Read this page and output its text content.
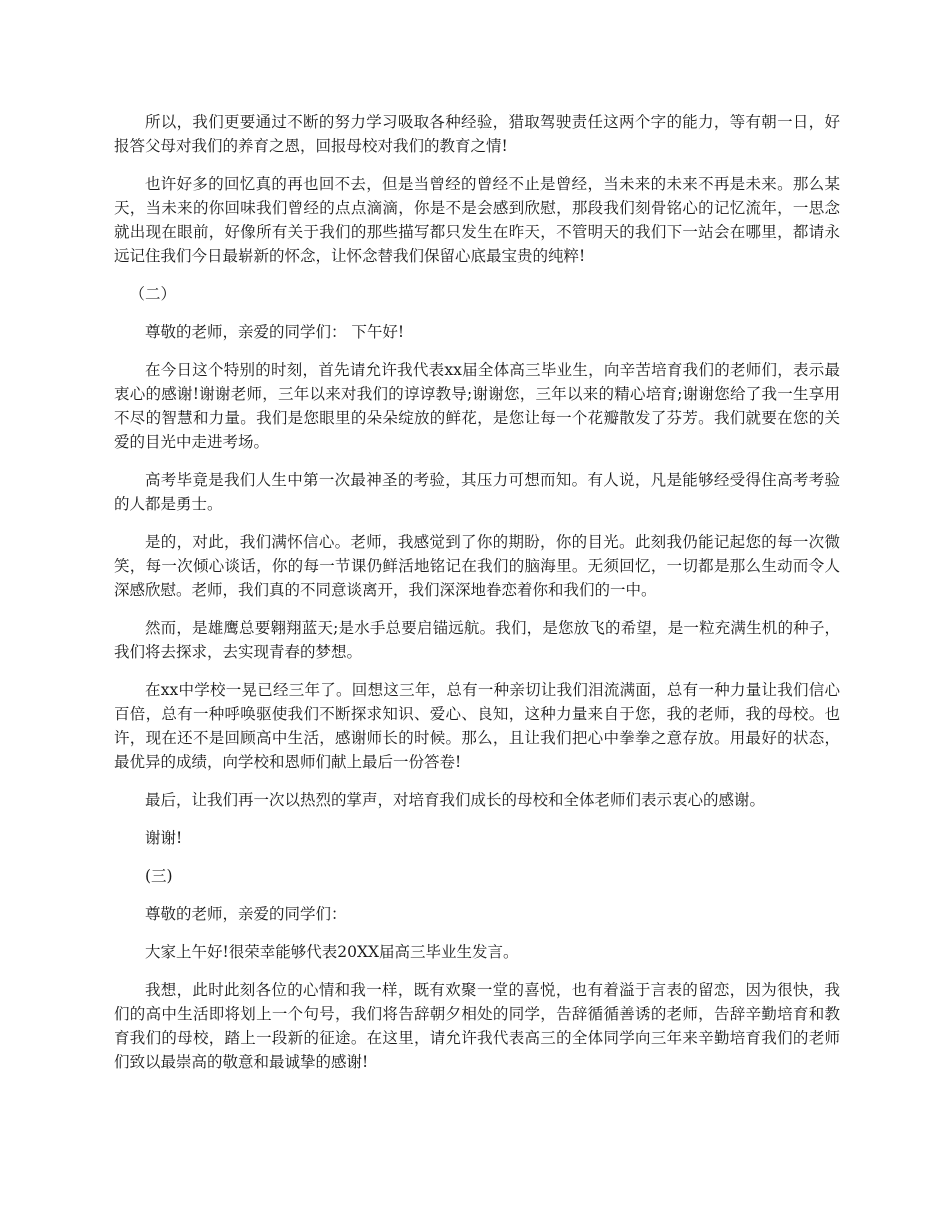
所以，我们更要通过不断的努力学习吸取各种经验，猎取驾驶责任这两个字的能力，等有朝一日，好报答父母对我们的养育之恩，回报母校对我们的教育之情!

也许好多的回忆真的再也回不去，但是当曾经的曾经不止是曾经，当未来的未来不再是未来。那么某天，当未来的你回味我们曾经的点点滴滴，你是不是会感到欣慰，那段我们刻骨铭心的记忆流年，一思念就出现在眼前，好像所有关于我们的那些描写都只发生在昨天，不管明天的我们下一站会在哪里，都请永远记住我们今日最崭新的怀念，让怀念替我们保留心底最宝贵的纯粹!

（二）

尊敬的老师，亲爱的同学们： 下午好!

在今日这个特别的时刻，首先请允许我代表xx届全体高三毕业生，向辛苦培育我们的老师们，表示最衷心的感谢!谢谢老师，三年以来对我们的谆谆教导;谢谢您，三年以来的精心培育;谢谢您给了我一生享用不尽的智慧和力量。我们是您眼里的朵朵绽放的鲜花，是您让每一个花瓣散发了芬芳。我们就要在您的关爱的目光中走进考场。

高考毕竟是我们人生中第一次最神圣的考验，其压力可想而知。有人说，凡是能够经受得住高考考验的人都是勇士。

是的，对此，我们满怀信心。老师，我感觉到了你的期盼，你的目光。此刻我仍能记起您的每一次微笑，每一次倾心谈话，你的每一节课仍鲜活地铭记在我们的脑海里。无须回忆，一切都是那么生动而令人深感欣慰。老师，我们真的不同意谈离开，我们深深地眷恋着你和我们的一中。

然而，是雄鹰总要翱翔蓝天;是水手总要启锚远航。我们，是您放飞的希望，是一粒充满生机的种子，我们将去探求，去实现青春的梦想。

在xx中学校一晃已经三年了。回想这三年，总有一种亲切让我们泪流满面，总有一种力量让我们信心百倍，总有一种呼唤驱使我们不断探求知识、爱心、良知，这种力量来自于您，我的老师，我的母校。也许，现在还不是回顾高中生活，感谢师长的时候。那么，且让我们把心中拳拳之意存放。用最好的状态，最优异的成绩，向学校和恩师们献上最后一份答卷!

最后，让我们再一次以热烈的掌声，对培育我们成长的母校和全体老师们表示衷心的感谢。

谢谢!

(三)

尊敬的老师，亲爱的同学们：

大家上午好!很荣幸能够代表20XX届高三毕业生发言。

我想，此时此刻各位的心情和我一样，既有欢聚一堂的喜悦，也有着溢于言表的留恋，因为很快，我们的高中生活即将划上一个句号，我们将告辞朝夕相处的同学，告辞循循善诱的老师，告辞辛勤培育和教育我们的母校，踏上一段新的征途。在这里，请允许我代表高三的全体同学向三年来辛勤培育我们的老师们致以最崇高的敬意和最诚挚的感谢!
